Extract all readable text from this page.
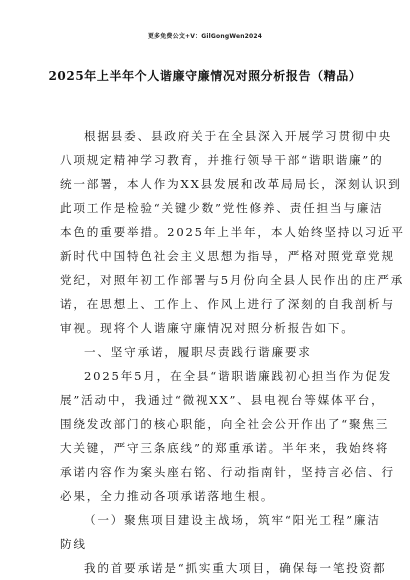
更多免费公文+V：GilGongWen2024
2025年上半年个人谐廉守廉情况对照分析报告（精品）
根据县委、县政府关于在全县深入开展学习贯彻中央
八项规定精神学习教育，并推行领导干部“谐职谐廉”的
统一部署，本人作为XX县发展和改革局局长，深刻认识到
此项工作是检验“关键少数”党性修养、责任担当与廉洁
本色的重要举措。2025年上半年，本人始终坚持以习近平
新时代中国特色社会主义思想为指导，严格对照党章党规
党纪，对照年初工作部署与5月份向全县人民作出的庄严承
诺，在思想上、工作上、作风上进行了深刻的自我剖析与
审视。现将个人谐廉守廉情况对照分析报告如下。
一、坚守承诺，履职尽责践行谐廉要求
2025年5月，在全县“谐职谐廉践初心担当作为促发
展”活动中，我通过“微视XX”、县电视台等媒体平台，
围绕发改部门的核心职能，向全社会公开作出了“聚焦三
大关键，严守三条底线”的郑重承诺。半年来，我始终将
承诺内容作为案头座右铭、行动指南针，坚持言必信、行
必果，全力推动各项承诺落地生根。
（一）聚焦项目建设主战场，筑牢“阳光工程”廉洁
防线
我的首要承诺是“抓实重大项目，确保每一笔投资都
